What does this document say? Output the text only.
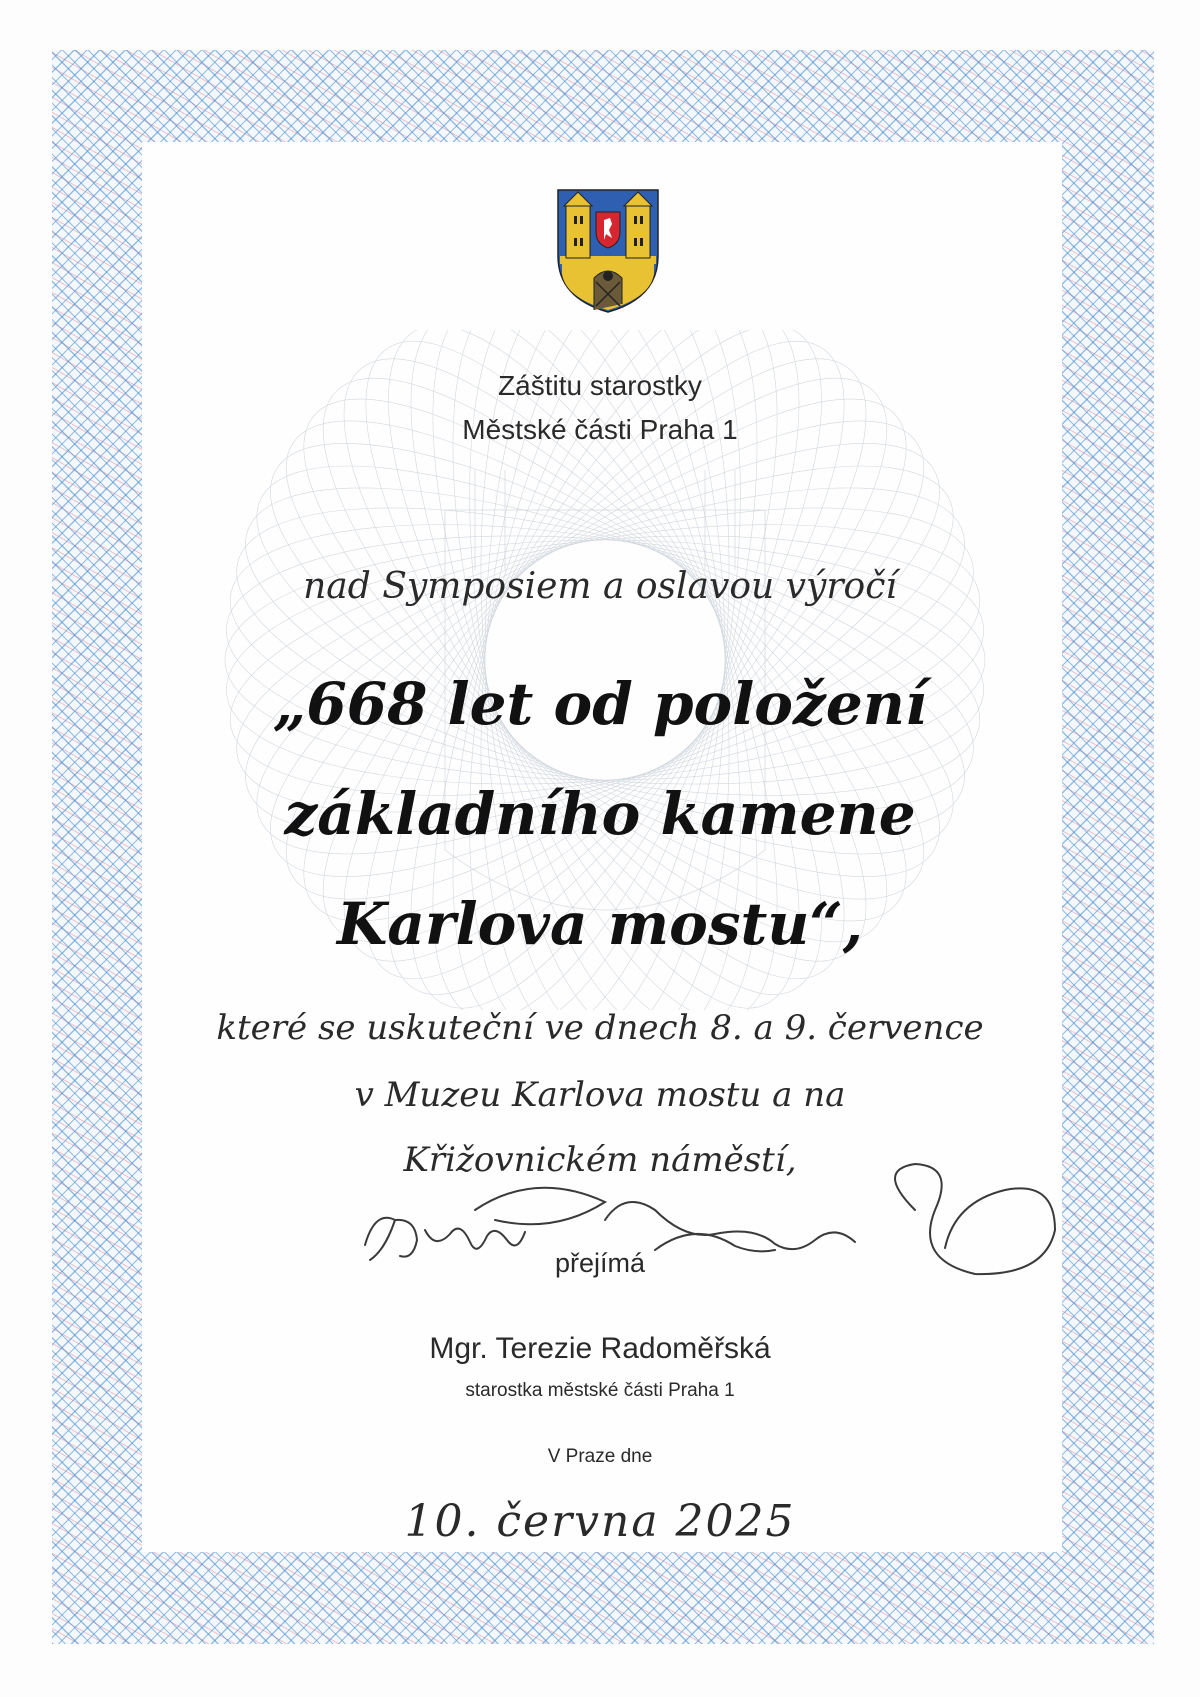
Záštitu starostky

Městské části Praha 1

nad Symposiem a oslavou výročí

„668 let od položení

základního kamene

Karlova mostu“,

které se uskuteční ve dnech 8. a 9. července

v Muzeu Karlova mostu a na

Křižovnickém náměstí,

přejímá

Mgr. Terezie Radoměřská

starostka městské části Praha 1

V Praze dne

10. června 2025
